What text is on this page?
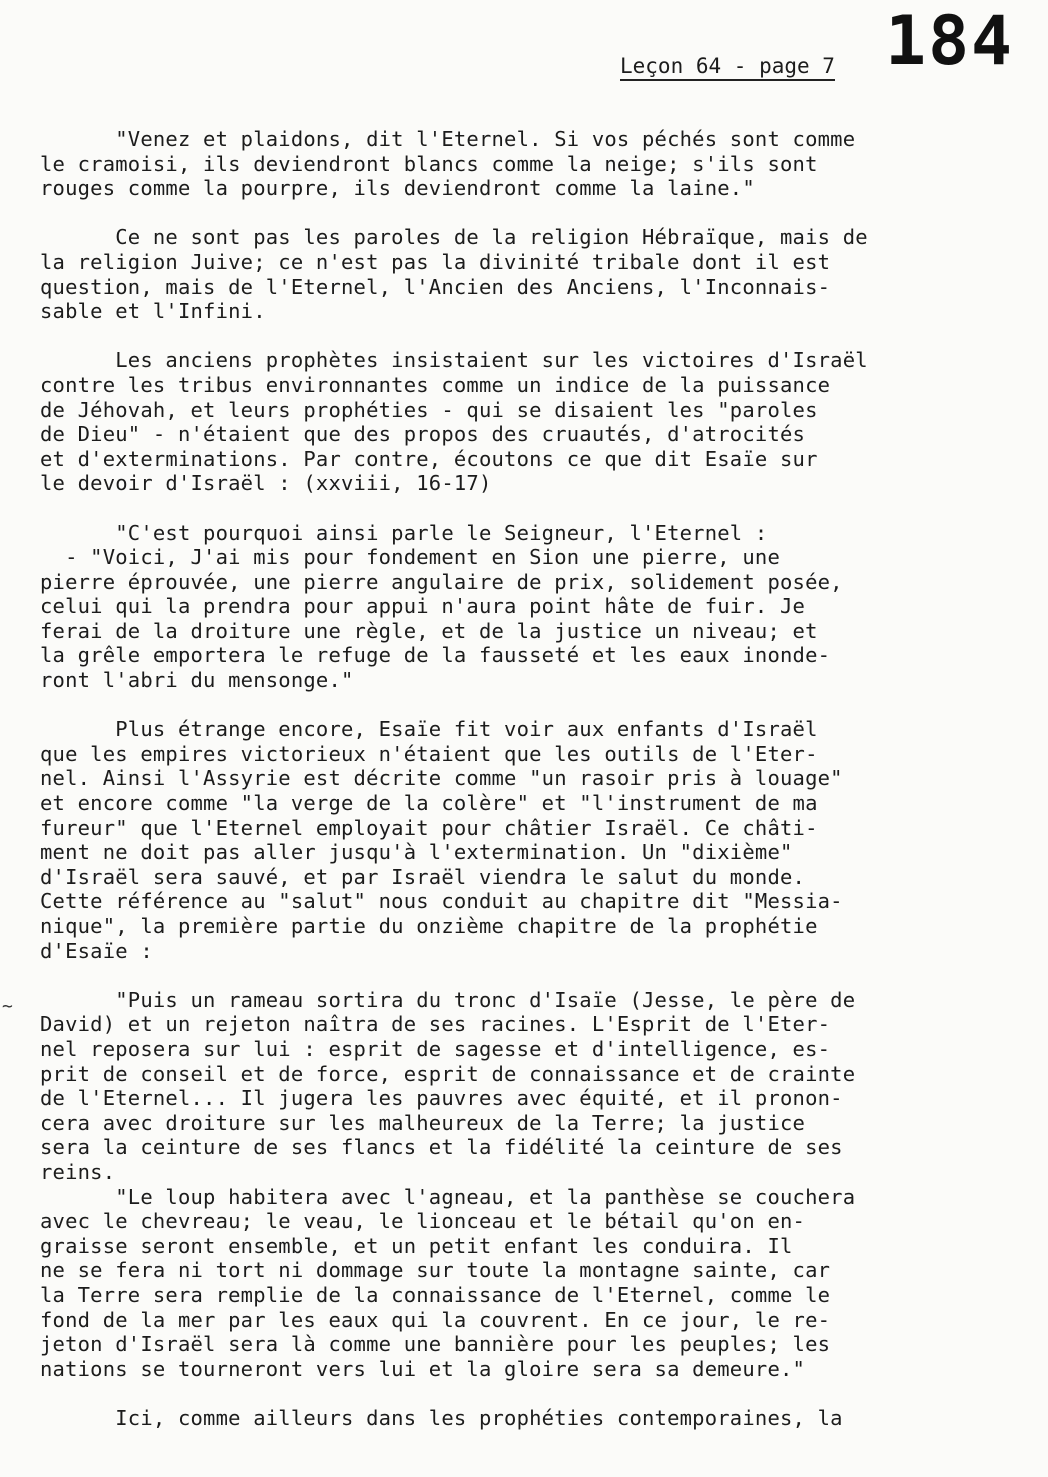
184
Leçon 64 - page 7
~
"Venez et plaidons, dit l'Eternel. Si vos péchés sont comme
le cramoisi, ils deviendront blancs comme la neige; s'ils sont
rouges comme la pourpre, ils deviendront comme la laine."
Ce ne sont pas les paroles de la religion Hébraïque, mais de
la religion Juive; ce n'est pas la divinité tribale dont il est
question, mais de l'Eternel, l'Ancien des Anciens, l'Inconnais-
sable et l'Infini.
Les anciens prophètes insistaient sur les victoires d'Israël
contre les tribus environnantes comme un indice de la puissance
de Jéhovah, et leurs prophéties - qui se disaient les "paroles
de Dieu" - n'étaient que des propos des cruautés, d'atrocités
et d'exterminations. Par contre, écoutons ce que dit Esaïe sur
le devoir d'Israël : (xxviii, 16-17)
"C'est pourquoi ainsi parle le Seigneur, l'Eternel :
- "Voici, J'ai mis pour fondement en Sion une pierre, une
pierre éprouvée, une pierre angulaire de prix, solidement posée,
celui qui la prendra pour appui n'aura point hâte de fuir. Je
ferai de la droiture une règle, et de la justice un niveau; et
la grêle emportera le refuge de la fausseté et les eaux inonde-
ront l'abri du mensonge."
Plus étrange encore, Esaïe fit voir aux enfants d'Israël
que les empires victorieux n'étaient que les outils de l'Eter-
nel. Ainsi l'Assyrie est décrite comme "un rasoir pris à louage"
et encore comme "la verge de la colère" et "l'instrument de ma
fureur" que l'Eternel employait pour châtier Israël. Ce châti-
ment ne doit pas aller jusqu'à l'extermination. Un "dixième"
d'Israël sera sauvé, et par Israël viendra le salut du monde.
Cette référence au "salut" nous conduit au chapitre dit "Messia-
nique", la première partie du onzième chapitre de la prophétie
d'Esaïe :
"Puis un rameau sortira du tronc d'Isaïe (Jesse, le père de
David) et un rejeton naîtra de ses racines. L'Esprit de l'Eter-
nel reposera sur lui : esprit de sagesse et d'intelligence, es-
prit de conseil et de force, esprit de connaissance et de crainte
de l'Eternel... Il jugera les pauvres avec équité, et il pronon-
cera avec droiture sur les malheureux de la Terre; la justice
sera la ceinture de ses flancs et la fidélité la ceinture de ses
reins.
"Le loup habitera avec l'agneau, et la panthèse se couchera
avec le chevreau; le veau, le lionceau et le bétail qu'on en-
graisse seront ensemble, et un petit enfant les conduira. Il
ne se fera ni tort ni dommage sur toute la montagne sainte, car
la Terre sera remplie de la connaissance de l'Eternel, comme le
fond de la mer par les eaux qui la couvrent. En ce jour, le re-
jeton d'Israël sera là comme une bannière pour les peuples; les
nations se tourneront vers lui et la gloire sera sa demeure."
Ici, comme ailleurs dans les prophéties contemporaines, la
